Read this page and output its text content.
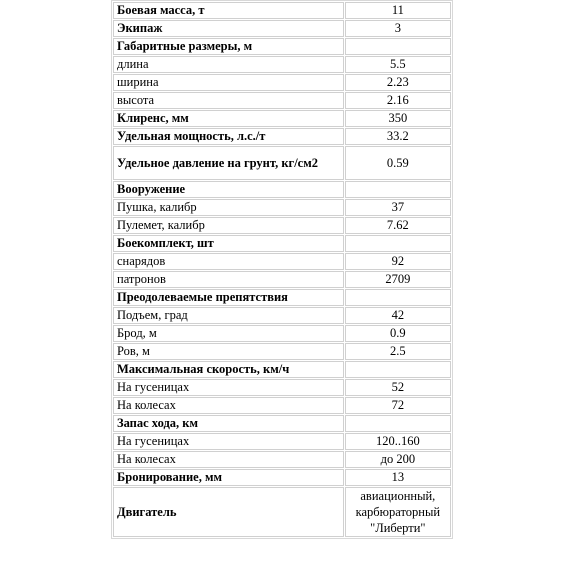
Боевая масса, т	11
Экипаж	3
Габаритные размеры, м	
длина	5.5
ширина	2.23
высота	2.16
Клиренс, мм	350
Удельная мощность, л.с./т	33.2
Удельное давление на грунт, кг/см2	0.59
Вооружение	
Пушка, калибр	37
Пулемет, калибр	7.62
Боекомплект, шт	
снарядов	92
патронов	2709
Преодолеваемые препятствия	
Подъем, град	42
Брод, м	0.9
Ров, м	2.5
Максимальная скорость, км/ч	
На гусеницах	52
На колесах	72
Запас хода, км	
На гусеницах	120..160
На колесах	до 200
Бронирование, мм	13
Двигатель	авиационный, карбюраторный "Либерти"
